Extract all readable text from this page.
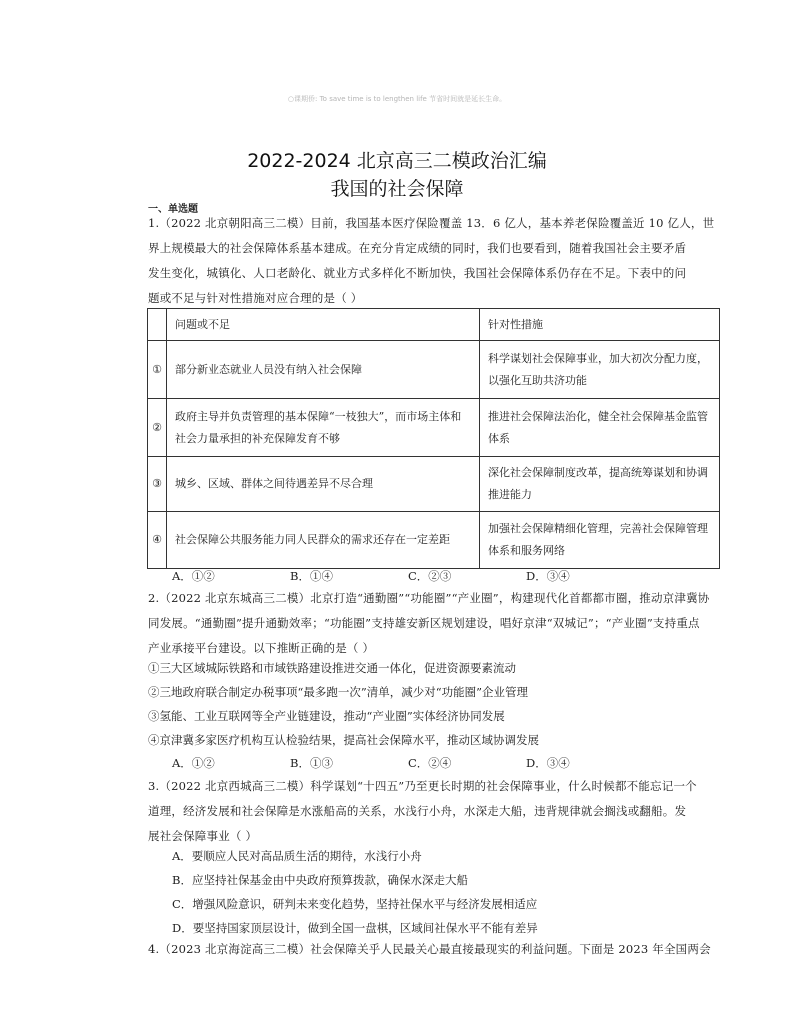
○课期侨: To save time is to lengthen life 节省时间就是延长生命。
2022-2024 北京高三二模政治汇编
我国的社会保障
一、单选题
1.（2022 北京朝阳高三二模）目前，我国基本医疗保险覆盖 13．6 亿人，基本养老保险覆盖近 10 亿人，世
界上规模最大的社会保障体系基本建成。在充分肯定成绩的同时，我们也要看到，随着我国社会主要矛盾
发生变化，城镇化、人口老龄化、就业方式多样化不断加快，我国社会保障体系仍存在不足。下表中的问
题或不足与针对性措施对应合理的是（ ）
	问题或不足	针对性措施
①	部分新业态就业人员没有纳入社会保障	科学谋划社会保障事业，加大初次分配力度，以强化互助共济功能
②	政府主导并负责管理的基本保障“一枝独大”，而市场主体和社会力量承担的补充保障发育不够	推进社会保障法治化，健全社会保障基金监管体系
③	城乡、区域、群体之间待遇差异不尽合理	深化社会保障制度改革，提高统筹谋划和协调推进能力
④	社会保障公共服务能力同人民群众的需求还存在一定差距	加强社会保障精细化管理，完善社会保障管理体系和服务网络
A．①②	B．①④	C．②③	D．③④
2.（2022 北京东城高三二模）北京打造“通勤圈”“功能圈”“产业圈”，构建现代化首都都市圈，推动京津冀协
同发展。“通勤圈”提升通勤效率；“功能圈”支持雄安新区规划建设，唱好京津“双城记”；“产业圈”支持重点
产业承接平台建设。以下推断正确的是（ ）
①三大区域城际铁路和市域铁路建设推进交通一体化，促进资源要素流动
②三地政府联合制定办税事项“最多跑一次”清单，减少对“功能圈”企业管理
③氢能、工业互联网等全产业链建设，推动“产业圈”实体经济协同发展
④京津冀多家医疗机构互认检验结果，提高社会保障水平，推动区域协调发展
A．①②	B．①③	C．②④	D．③④
3.（2022 北京西城高三二模）科学谋划“十四五”乃至更长时期的社会保障事业，什么时候都不能忘记一个
道理，经济发展和社会保障是水涨船高的关系，水浅行小舟，水深走大船，违背规律就会搁浅或翻船。发
展社会保障事业（ ）
A．要顺应人民对高品质生活的期待，水浅行小舟
B．应坚持社保基金由中央政府预算拨款，确保水深走大船
C．增强风险意识，研判未来变化趋势，坚持社保水平与经济发展相适应
D．要坚持国家顶层设计，做到全国一盘棋，区域间社保水平不能有差异
4.（2023 北京海淀高三二模）社会保障关乎人民最关心最直接最现实的利益问题。下面是 2023 年全国两会
